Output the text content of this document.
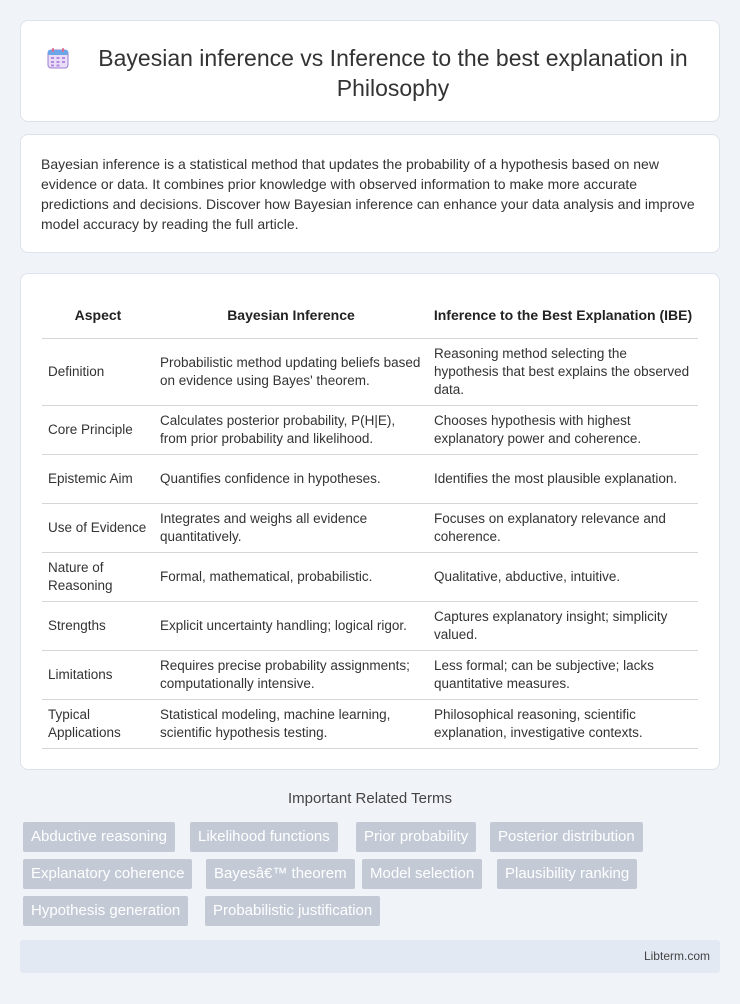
Bayesian inference vs Inference to the best explanation in Philosophy

Bayesian inference is a statistical method that updates the probability of a hypothesis based on new evidence or data. It combines prior knowledge with observed information to make more accurate predictions and decisions. Discover how Bayesian inference can enhance your data analysis and improve model accuracy by reading the full article.

Aspect	Bayesian Inference	Inference to the Best Explanation (IBE)
Definition	Probabilistic method updating beliefs based on evidence using Bayes' theorem.	Reasoning method selecting the hypothesis that best explains the observed data.
Core Principle	Calculates posterior probability, P(H|E), from prior probability and likelihood.	Chooses hypothesis with highest explanatory power and coherence.
Epistemic Aim	Quantifies confidence in hypotheses.	Identifies the most plausible explanation.
Use of Evidence	Integrates and weighs all evidence quantitatively.	Focuses on explanatory relevance and coherence.
Nature of Reasoning	Formal, mathematical, probabilistic.	Qualitative, abductive, intuitive.
Strengths	Explicit uncertainty handling; logical rigor.	Captures explanatory insight; simplicity valued.
Limitations	Requires precise probability assignments; computationally intensive.	Less formal; can be subjective; lacks quantitative measures.
Typical Applications	Statistical modeling, machine learning, scientific hypothesis testing.	Philosophical reasoning, scientific explanation, investigative contexts.
Important Related Terms
Abductive reasoning	Likelihood functions	Prior probability	Posterior distribution
Explanatory coherence	Bayesâ€™ theorem	Model selection	Plausibility ranking
Hypothesis generation	Probabilistic justification
Libterm.com
